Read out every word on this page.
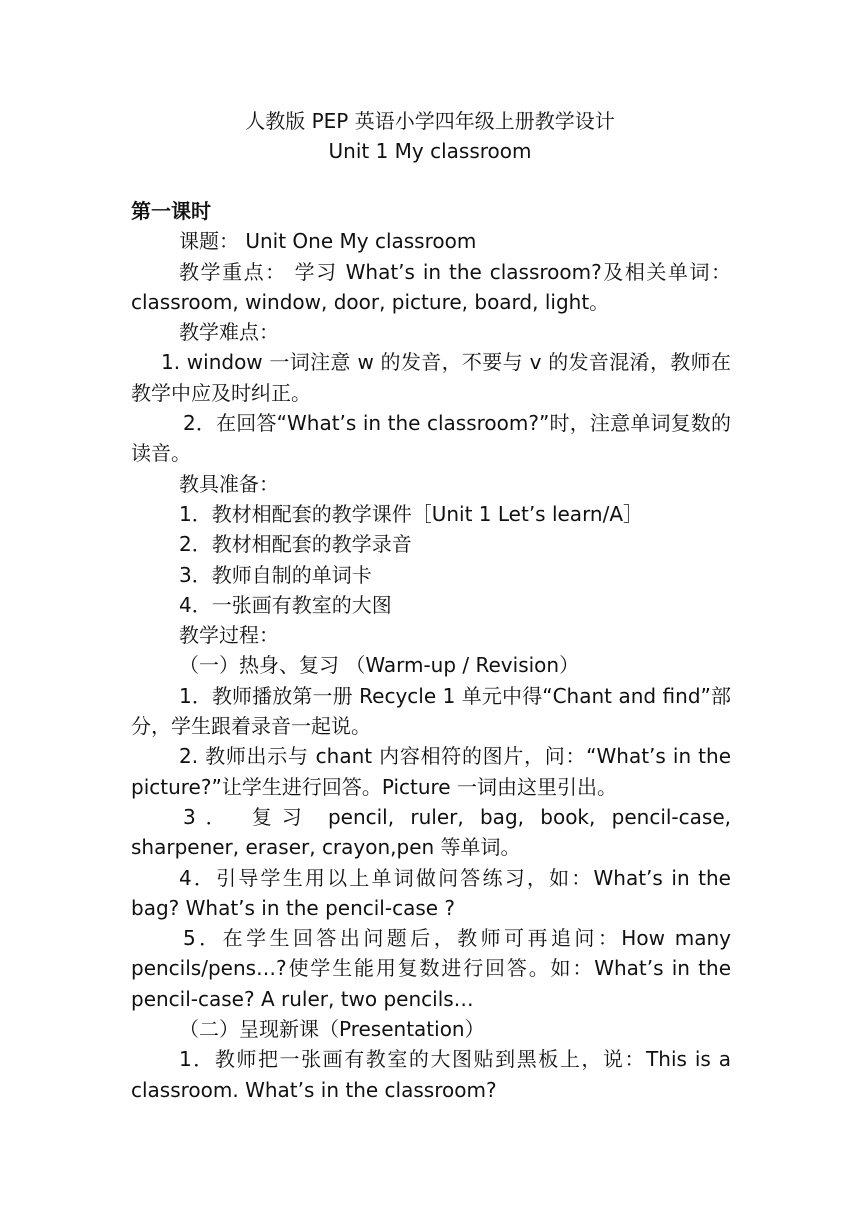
人教版 PEP 英语小学四年级上册教学设计
Unit 1 My classroom

第一课时

课题： Unit One My classroom

教学重点： 学习 What’s in the classroom?及相关单词：classroom, window, door, picture, board, light。

教学难点：

1. window 一词注意 w 的发音，不要与 v 的发音混淆，教师在教学中应及时纠正。

2．在回答“What’s in the classroom?”时，注意单词复数的读音。

教具准备：

1．教材相配套的教学课件［Unit 1 Let’s learn/A］

2．教材相配套的教学录音

3．教师自制的单词卡

4．一张画有教室的大图

教学过程：

（一）热身、复习 （Warm-up / Revision）

1．教师播放第一册 Recycle 1 单元中得“Chant and find”部分，学生跟着录音一起说。

2. 教师出示与 chant 内容相符的图片，问：“What’s in the picture?”让学生进行回答。Picture 一词由这里引出。

3． 复习 pencil, ruler, bag, book, pencil-case, sharpener, eraser, crayon,pen 等单词。

4．引导学生用以上单词做问答练习，如：What’s in the bag? What’s in the pencil-case ?

5．在学生回答出问题后，教师可再追问：How many pencils/pens…?使学生能用复数进行回答。如：What’s in the pencil-case? A ruler, two pencils…

（二）呈现新课（Presentation）

1．教师把一张画有教室的大图贴到黑板上，说：This is a classroom. What’s in the classroom?
